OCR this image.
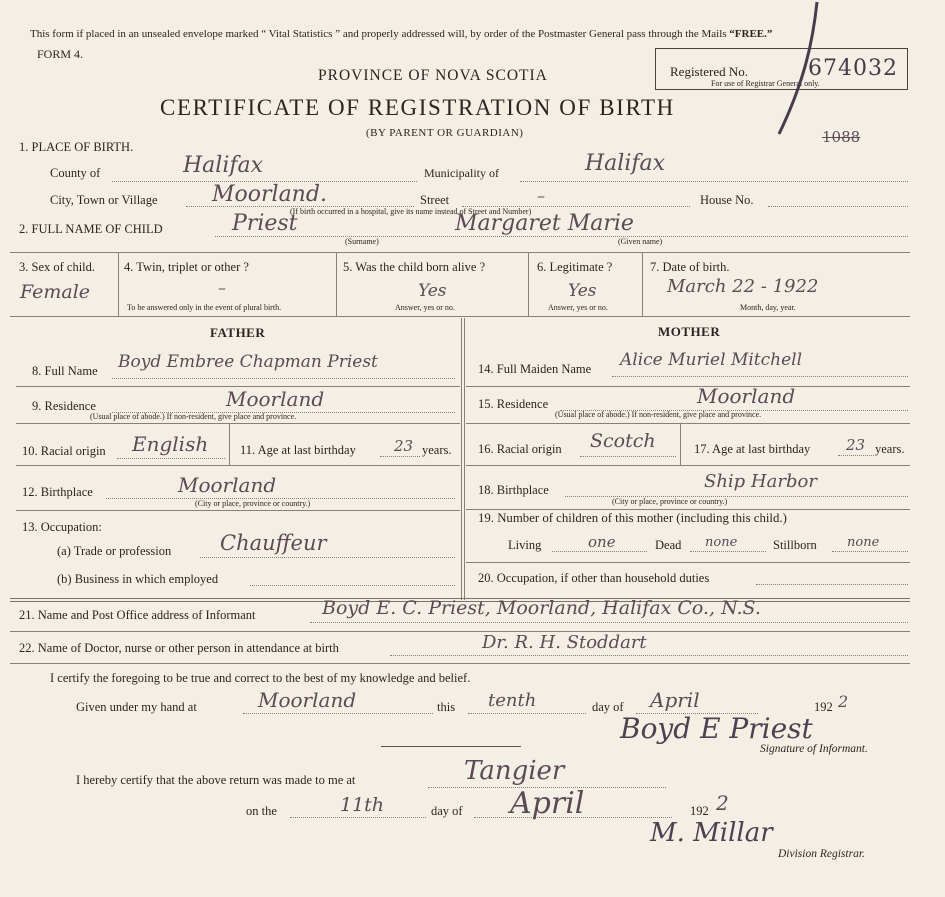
This form if placed in an unsealed envelope marked “ Vital Statistics ” and properly addressed will, by order of the Postmaster General pass through the Mails “FREE.”
FORM 4.
PROVINCE OF NOVA SCOTIA
CERTIFICATE OF REGISTRATION OF BIRTH
(BY PARENT OR GUARDIAN)
Registered No.
For use of Registrar General only.
674032
1088
1. PLACE OF BIRTH.
County of	Halifax	Municipality of	Halifax
City, Town or Village Moorland.	Street	–	House No.
(If birth occurred in a hospital, give its name instead of Street and Number)
2. FULL NAME OF CHILD	Priest
(Surname)
Margaret Marie
(Given name)
3. Sex of child.
Female
4. Twin, triplet or other ?
–
To be answered only in the event of plural birth.
5. Was the child born alive ?
Yes
Answer, yes or no.
6. Legitimate ?
Yes
Answer, yes or no.
7. Date of birth.
March 22 - 1922
Month, day, year.
FATHER	MOTHER
8. Full Name Boyd Embree Chapman Priest
9. Residence	Moorland
(Usual place of abode.) If non-resident, give place and province.
10. Racial origin English	11. Age at last birthday	23 years.
12. Birthplace	Moorland
(City or place, province or country.)
13. Occupation:
(a) Trade or profession Chauffeur
(b) Business in which employed
14. Full Maiden Name Alice Muriel Mitchell
15. Residence	Moorland
(Usual place of abode.) If non-resident, give place and province.
16. Racial origin Scotch	17. Age at last birthday 23 years.
18. Birthplace	Ship Harbor
(City or place, province or country.)
19. Number of children of this mother (including this child.)
Living	one	Dead none	Stillborn none
20. Occupation, if other than household duties
21. Name and Post Office address of Informant	Boyd E. C. Priest, Moorland, Halifax Co., N.S.
22. Name of Doctor, nurse or other person in attendance at birth	Dr. R. H. Stoddart
I certify the foregoing to be true and correct to the best of my knowledge and belief.
Given under my hand at	Moorland	this tenth	day of April	192 2
Boyd E Priest
Signature of Informant.
I hereby certify that the above return was made to me at	Tangier
on the	11th	day of April	192 2
M. Millar
Division Registrar.
